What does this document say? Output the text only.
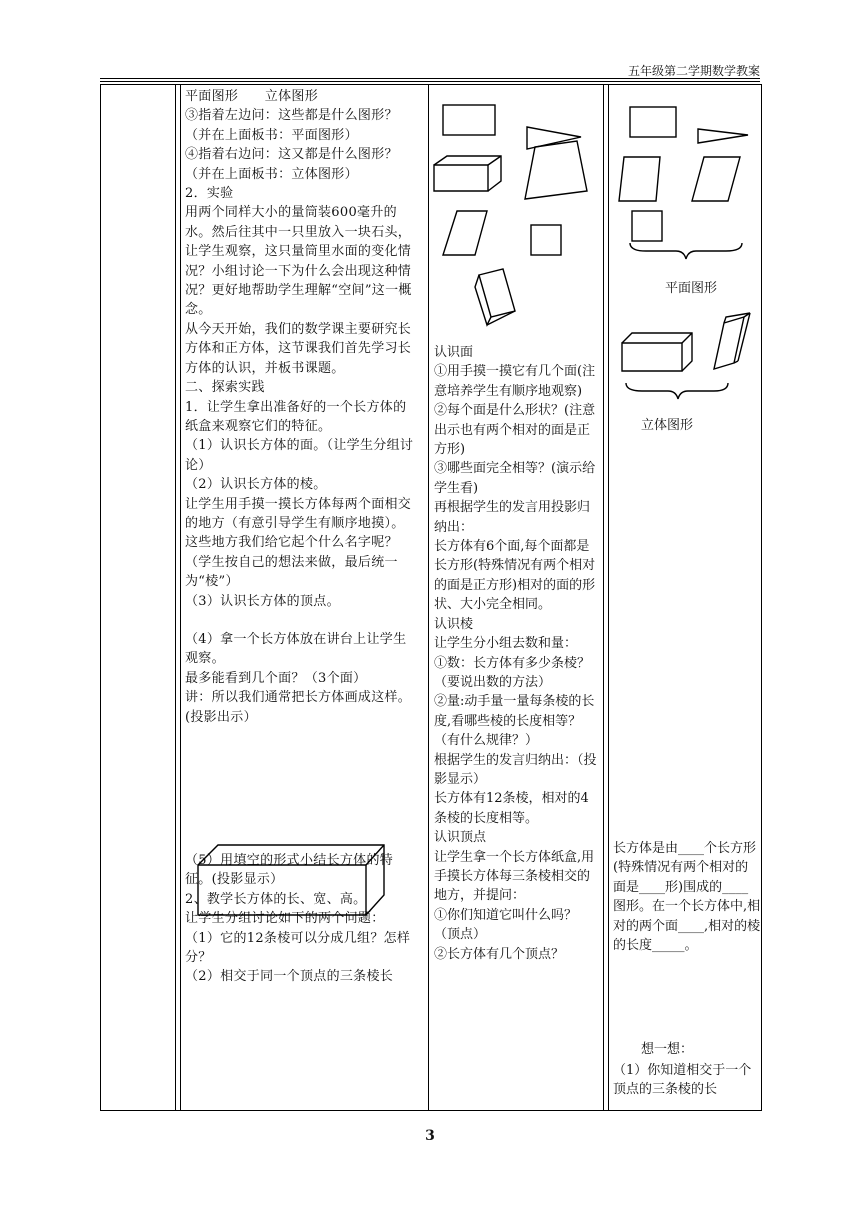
五年级第二学期数学教案

平面图形　　立体图形

③指着左边问：这些都是什么图形？（并在上面板书：平面图形）

④指着右边问：这又都是什么图形？（并在上面板书：立体图形）

2．实验

用两个同样大小的量筒装600毫升的水。然后往其中一只里放入一块石头，让学生观察，这只量筒里水面的变化情况？小组讨论一下为什么会出现这种情况？更好地帮助学生理解“空间”这一概念。

从今天开始，我们的数学课主要研究长方体和正方体，这节课我们首先学习长方体的认识，并板书课题。

二、探索实践

1．让学生拿出准备好的一个长方体的纸盒来观察它们的特征。

（1）认识长方体的面。（让学生分组讨论）

（2）认识长方体的棱。

让学生用手摸一摸长方体每两个面相交的地方（有意引导学生有顺序地摸）。这些地方我们给它起个什么名字呢？（学生按自己的想法来做，最后统一为“棱”）

（3）认识长方体的顶点。

（4）拿一个长方体放在讲台上让学生观察。

最多能看到几个面？（3个面）

讲：所以我们通常把长方体画成这样。(投影出示）

（5）用填空的形式小结长方体的特征。(投影显示）

2、教学长方体的长、宽、高。

让学生分组讨论如下的两个问题：

（1）它的12条棱可以分成几组？怎样分？

（2）相交于同一个顶点的三条棱长

认识面

①用手摸一摸它有几个面(注意培养学生有顺序地观察)

②每个面是什么形状？(注意出示也有两个相对的面是正方形)

③哪些面完全相等？(演示给学生看)

再根据学生的发言用投影归纳出：

长方体有6个面,每个面都是长方形(特殊情况有两个相对的面是正方形)相对的面的形状、大小完全相同。

认识棱

让学生分小组去数和量：

①数：长方体有多少条棱？（要说出数的方法）

②量:动手量一量每条棱的长度,看哪些棱的长度相等？（有什么规律？）

根据学生的发言归纳出：（投影显示）

长方体有12条棱，相对的4条棱的长度相等。

认识顶点

让学生拿一个长方体纸盒,用手摸长方体每三条棱相交的地方，并提问：

①你们知道它叫什么吗？（顶点）

②长方体有几个顶点？

平面图形
立体图形
长方体是由____个长方形(特殊情况有两个相对的面是____形)围成的____图形。在一个长方体中,相对的两个面____,相对的棱的长度_____。
想一想：
（1）你知道相交于一个顶点的三条棱的长
3
